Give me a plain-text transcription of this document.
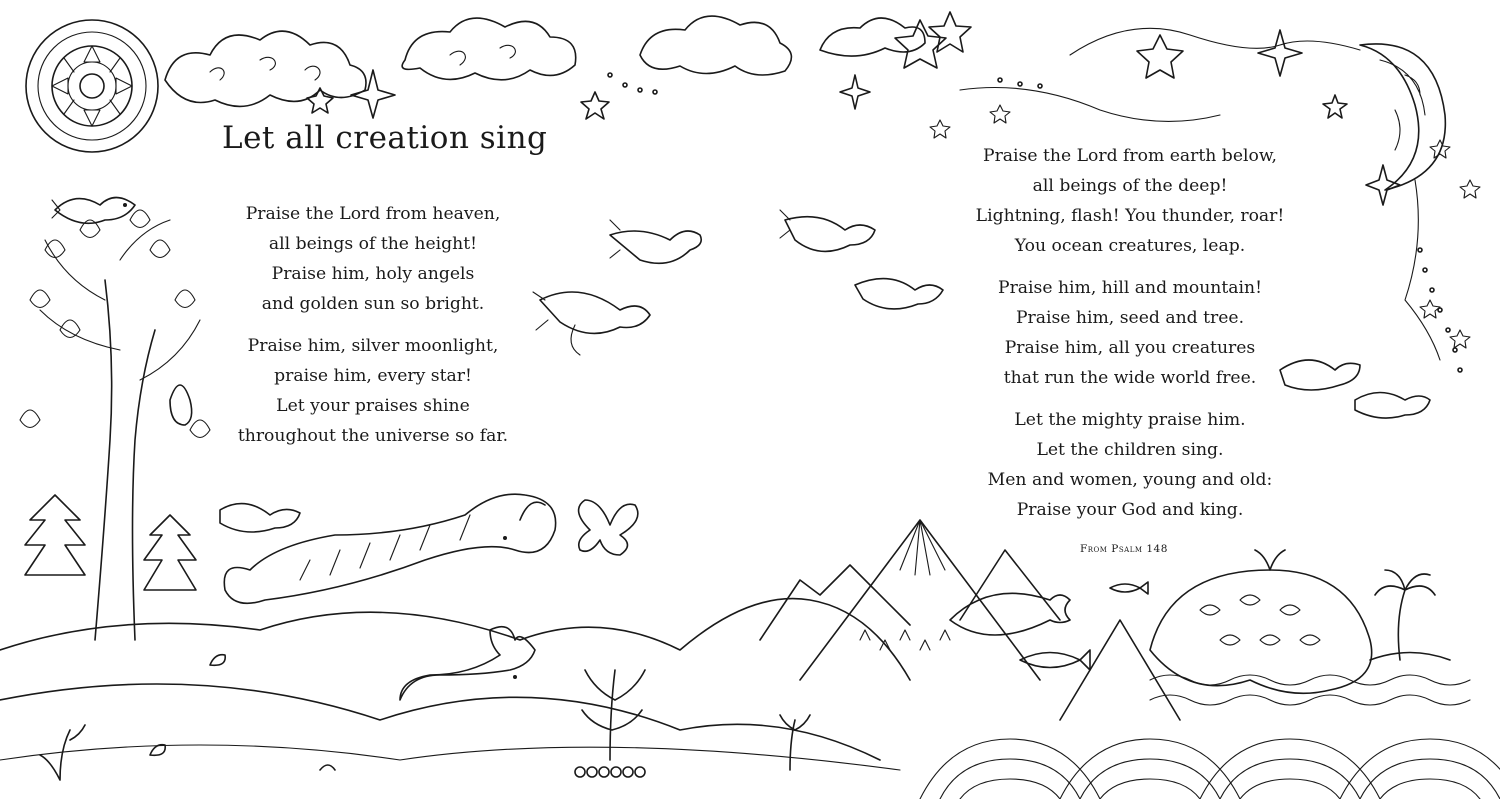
Let all creation sing

Praise the Lord from heaven,
all beings of the height!
Praise him, holy angels
and golden sun so bright.

Praise him, silver moonlight,
praise him, every star!
Let your praises shine
throughout the universe so far.

Praise the Lord from earth below,
all beings of the deep!
Lightning, flash! You thunder, roar!
You ocean creatures, leap.

Praise him, hill and mountain!
Praise him, seed and tree.
Praise him, all you creatures
that run the wide world free.

Let the mighty praise him.
Let the children sing.
Men and women, young and old:
Praise your God and king.

From Psalm 148
